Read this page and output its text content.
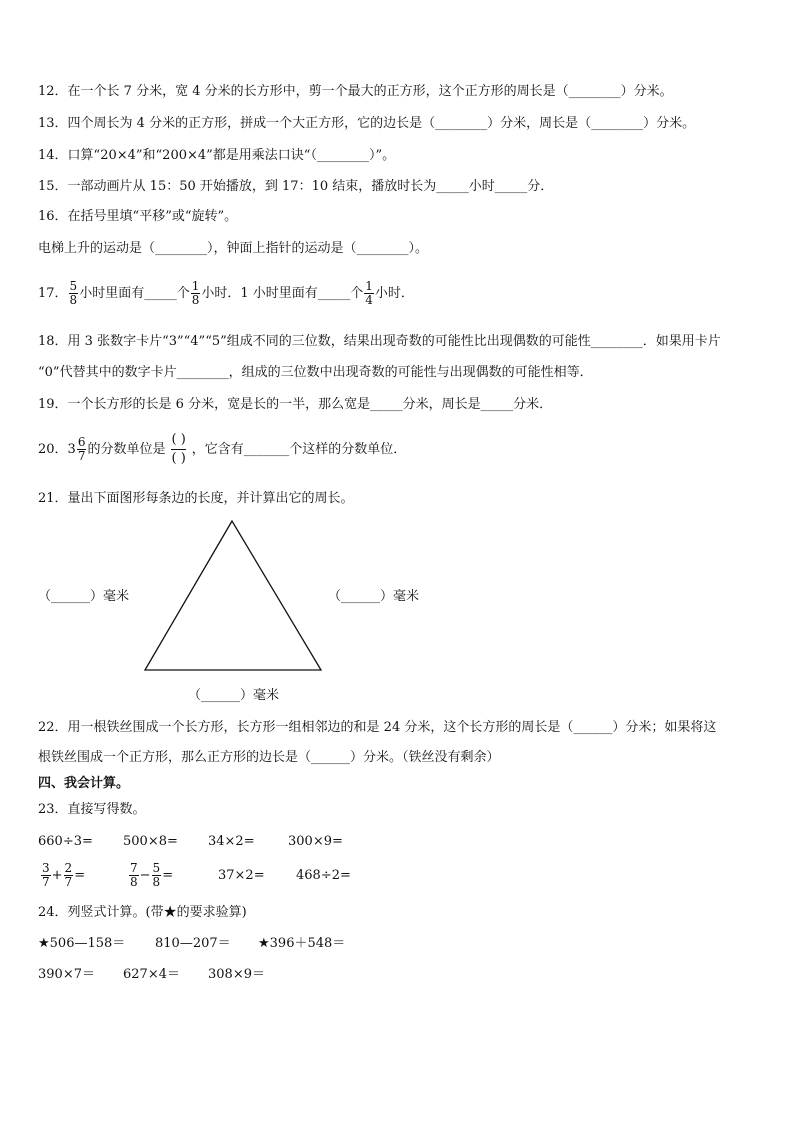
12．在一个长 7 分米，宽 4 分米的长方形中，剪一个最大的正方形，这个正方形的周长是（________）分米。
13．四个周长为 4 分米的正方形，拼成一个大正方形，它的边长是（________）分米，周长是（________）分米。
14．口算“20×4”和“200×4”都是用乘法口诀“（________）”。
15．一部动画片从 15：50 开始播放，到 17：10 结束，播放时长为_____小时_____分．
16．在括号里填“平移”或“旋转”。
电梯上升的运动是（________），钟面上指针的运动是（________）。
17． $\frac{5}{8}$ 小时里面有_____个 $\frac{1}{8}$ 小时．1 小时里面有_____个 $\frac{1}{4}$ 小时．
18．用 3 张数字卡片“3”“4”“5”组成不同的三位数，结果出现奇数的可能性比出现偶数的可能性________．如果用卡片
“0”代替其中的数字卡片________，组成的三位数中出现奇数的可能性与出现偶数的可能性相等．
19．一个长方形的长是 6 分米，宽是长的一半，那么宽是_____分米，周长是_____分米．
20．$3 \frac{6}{7}$ 的分数单位是 $\frac{( )}{( )}$ ，它含有_______个这样的分数单位．
21．量出下面图形每条边的长度，并计算出它的周长。
（______）毫米	（______）毫米
（______）毫米
22．用一根铁丝围成一个长方形，长方形一组相邻边的和是 24 分米，这个长方形的周长是（______）分米；如果将这
根铁丝围成一个正方形，那么正方形的边长是（______）分米。（铁丝没有剩余）
四、我会计算。
23．直接写得数。
660÷3= 500×8= 34×2=	300×9=
$\frac{3}{7} + \frac{2}{7}$ =	$\frac{7}{8} - \frac{5}{8}$ =	37×2= 468÷2=
24．列竖式计算。(带★的要求验算)
★506—158＝ 810—207＝ ★396＋548＝
390×7＝ 627×4＝ 308×9＝
